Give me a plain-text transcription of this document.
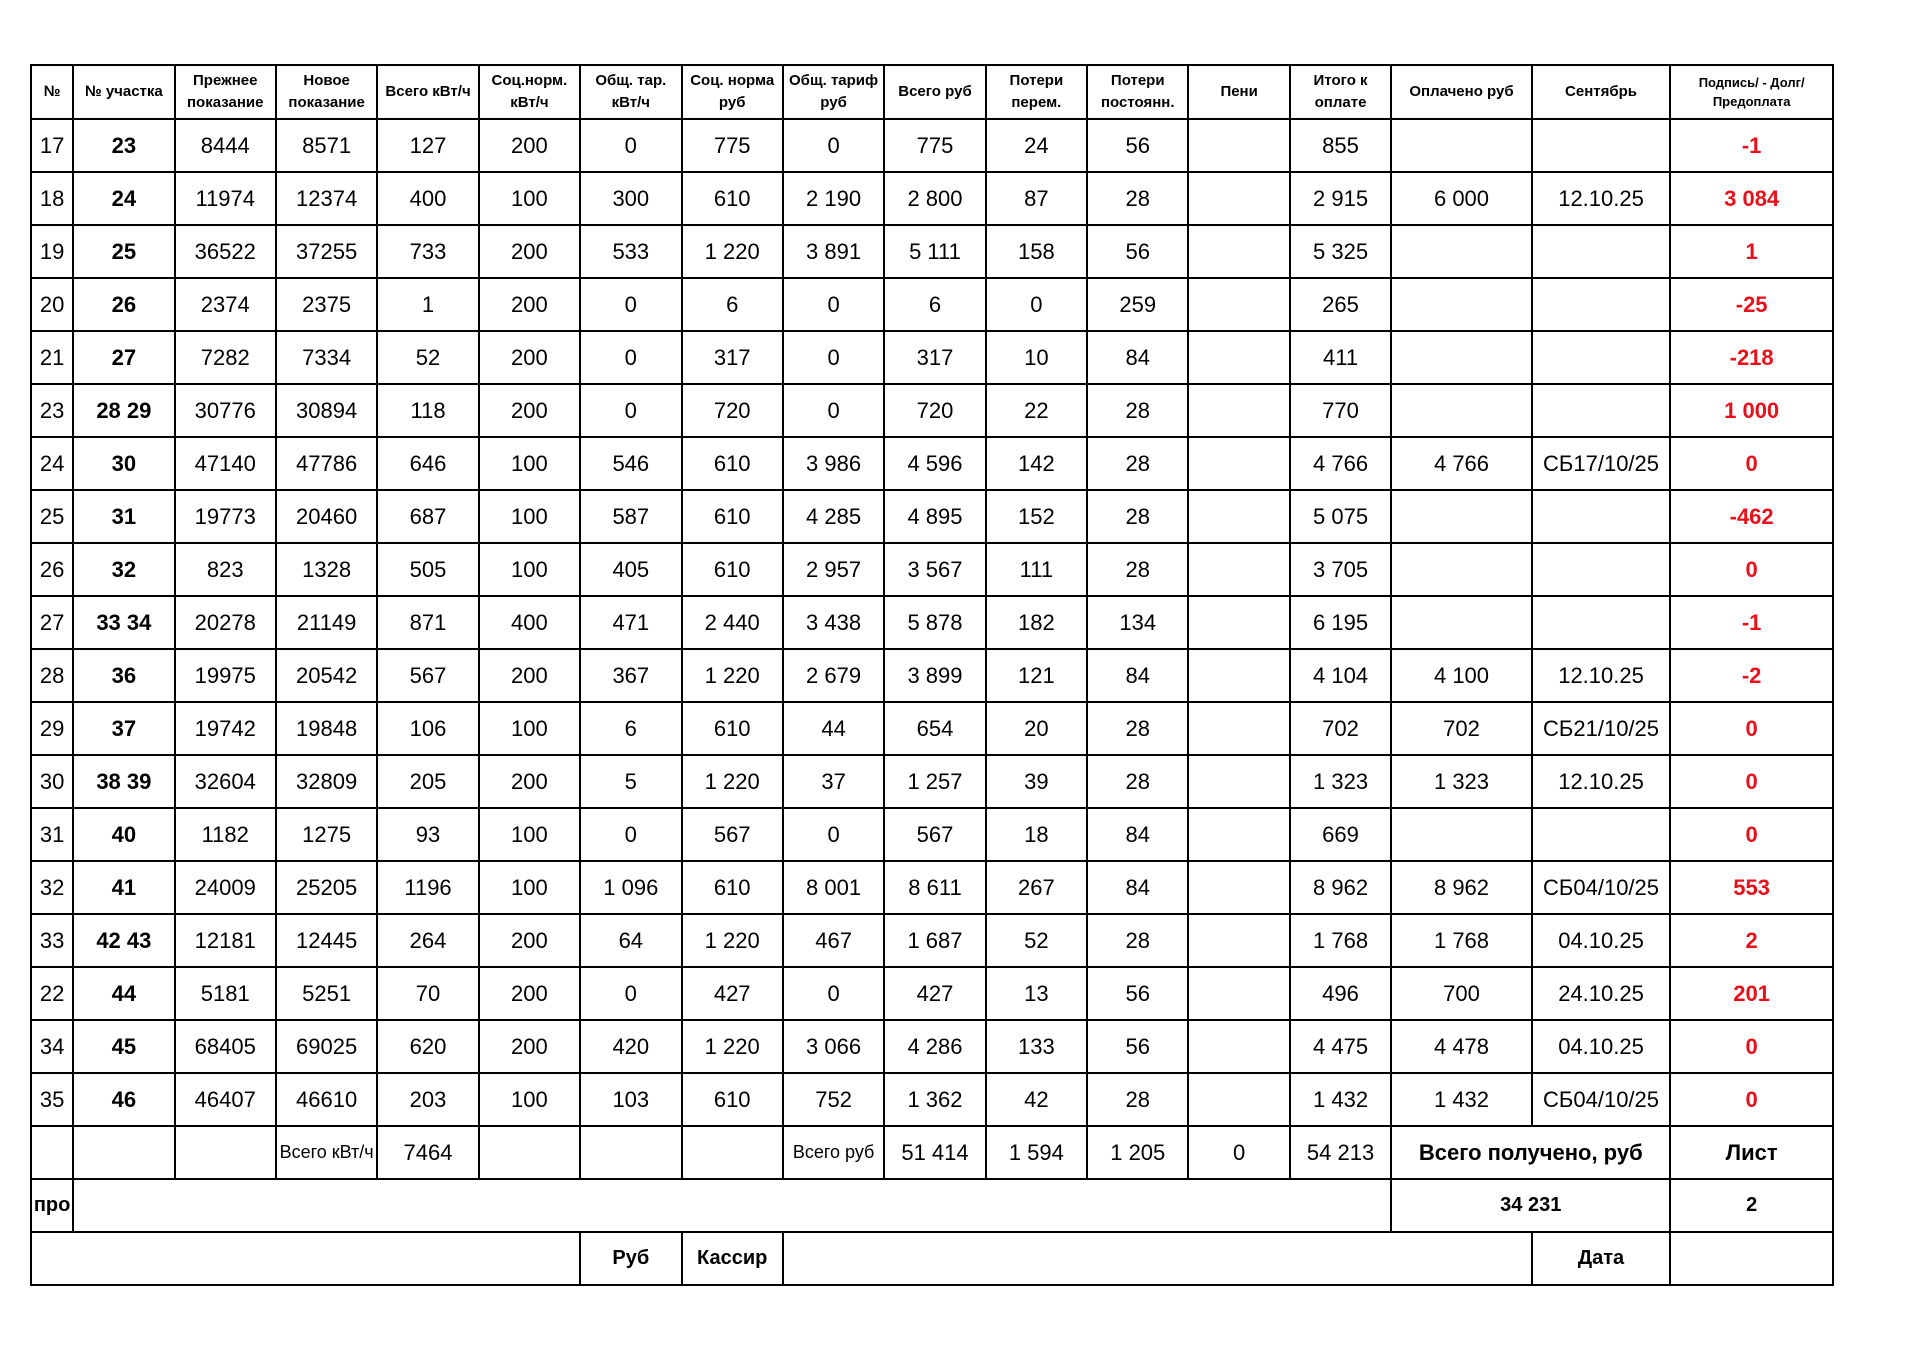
№	№ участка	Прежнее показание	Новое показание	Всего кВт/ч	Соц.норм. кВт/ч	Общ. тар. кВт/ч	Соц. норма руб	Общ. тариф руб	Всего руб	Потери перем.	Потери постоянн.	Пени	Итого к оплате	Оплачено руб	Сентябрь	Подпись/ - Долг/Предоплата
17	23	8444	8571	127	200	0	775	0	775	24	56		855			-1
18	24	11974	12374	400	100	300	610	2 190	2 800	87	28		2 915	6 000	12.10.25	3 084
19	25	36522	37255	733	200	533	1 220	3 891	5 111	158	56		5 325			1
20	26	2374	2375	1	200	0	6	0	6	0	259		265			-25
21	27	7282	7334	52	200	0	317	0	317	10	84		411			-218
23	28 29	30776	30894	118	200	0	720	0	720	22	28		770			1 000
24	30	47140	47786	646	100	546	610	3 986	4 596	142	28		4 766	4 766	СБ17/10/25	0
25	31	19773	20460	687	100	587	610	4 285	4 895	152	28		5 075			-462
26	32	823	1328	505	100	405	610	2 957	3 567	111	28		3 705			0
27	33 34	20278	21149	871	400	471	2 440	3 438	5 878	182	134		6 195			-1
28	36	19975	20542	567	200	367	1 220	2 679	3 899	121	84		4 104	4 100	12.10.25	-2
29	37	19742	19848	106	100	6	610	44	654	20	28		702	702	СБ21/10/25	0
30	38 39	32604	32809	205	200	5	1 220	37	1 257	39	28		1 323	1 323	12.10.25	0
31	40	1182	1275	93	100	0	567	0	567	18	84		669			0
32	41	24009	25205	1196	100	1 096	610	8 001	8 611	267	84		8 962	8 962	СБ04/10/25	553
33	42 43	12181	12445	264	200	64	1 220	467	1 687	52	28		1 768	1 768	04.10.25	2
22	44	5181	5251	70	200	0	427	0	427	13	56		496	700	24.10.25	201
34	45	68405	69025	620	200	420	1 220	3 066	4 286	133	56		4 475	4 478	04.10.25	0
35	46	46407	46610	203	100	103	610	752	1 362	42	28		1 432	1 432	СБ04/10/25	0
			Всего кВт/ч	7464				Всего руб	51 414	1 594	1 205	0	54 213	Всего получено, руб		Лист
про														34 231		2
						Руб	Кассир								Дата	
